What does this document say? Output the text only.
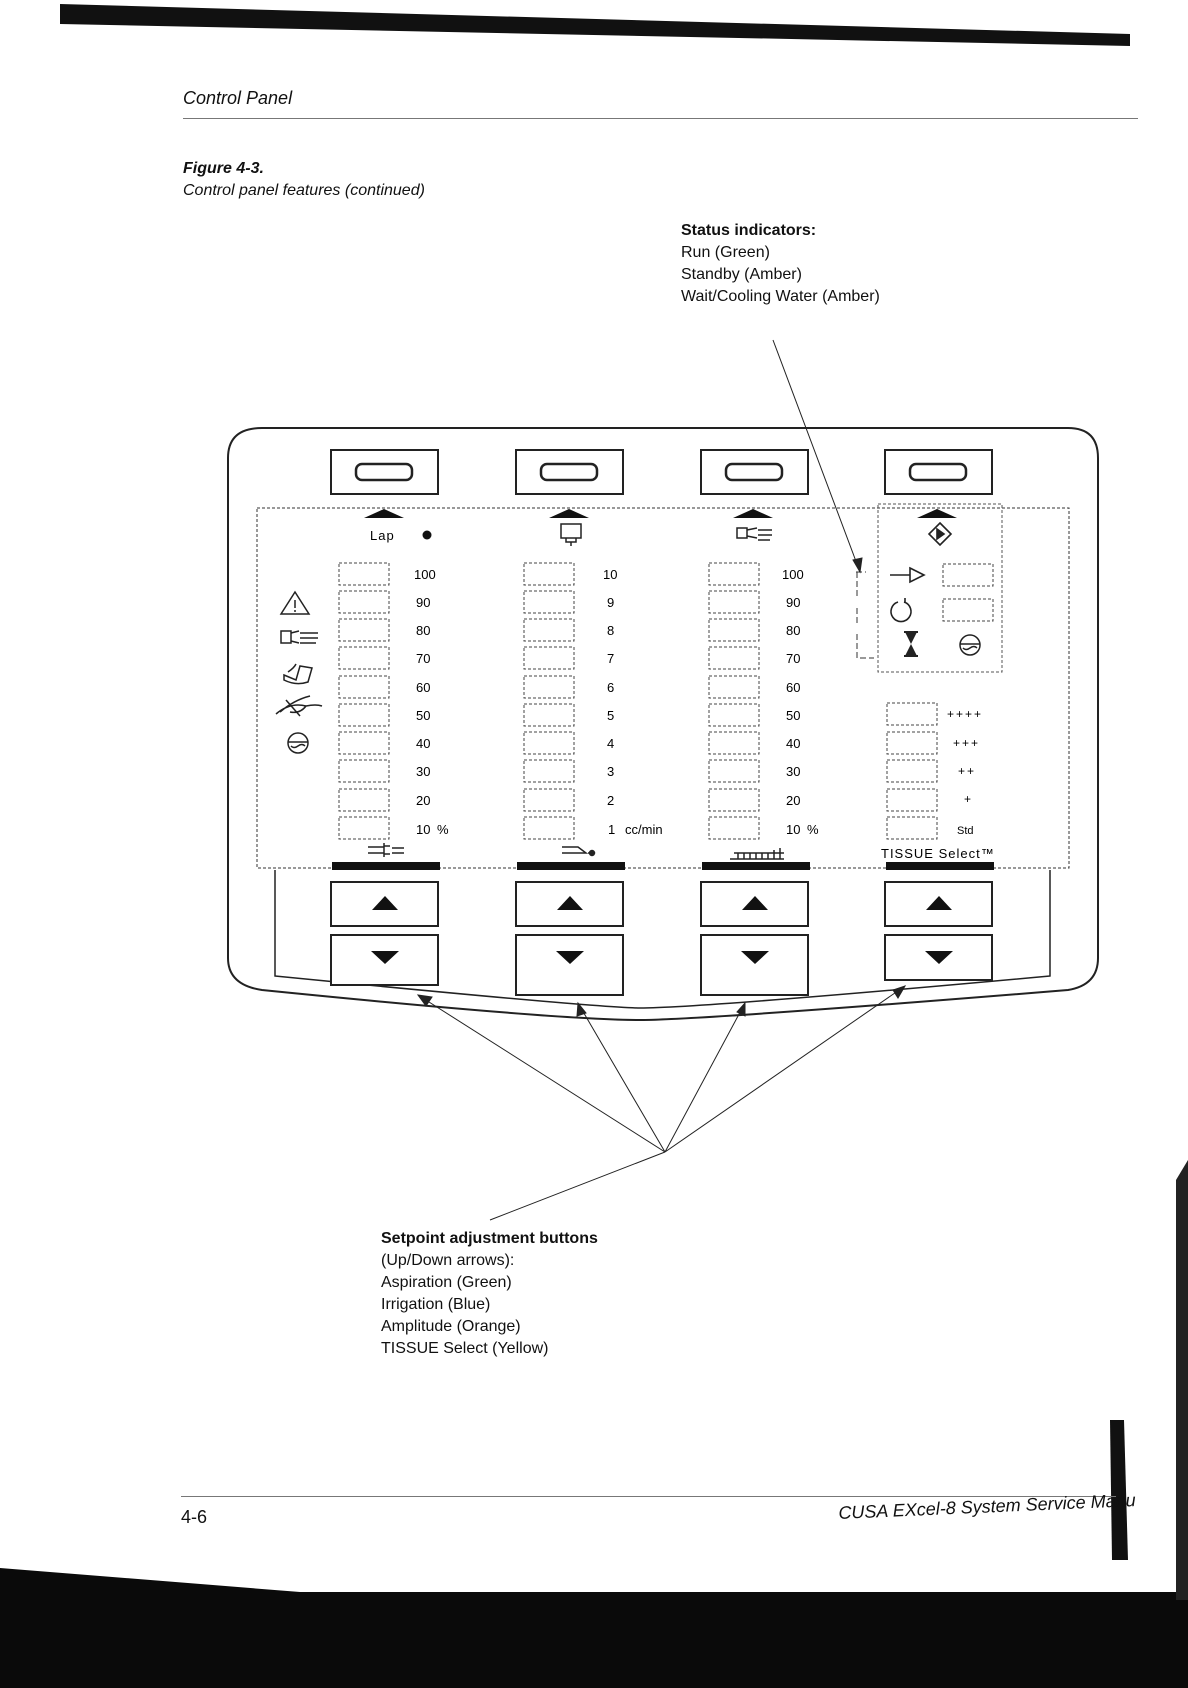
Control Panel
Figure 4-3.
Control panel features (continued)
Status indicators:
Run (Green)
Standby (Amber)
Wait/Cooling Water (Amber)
Setpoint adjustment buttons
(Up/Down arrows):
Aspiration (Green)
Irrigation (Blue)
Amplitude (Orange)
TISSUE Select (Yellow)
Lap
100
90
80
70
60
50
40
30
20
10 %
10
9
8
7
6
5
4
3
2
1 cc/min
100
90
80
70
60
50
40
30
20
10 %
++++
+++
++
+
Std
TISSUE Select™
4-6	CUSA EXcel-8 System Service Manu
